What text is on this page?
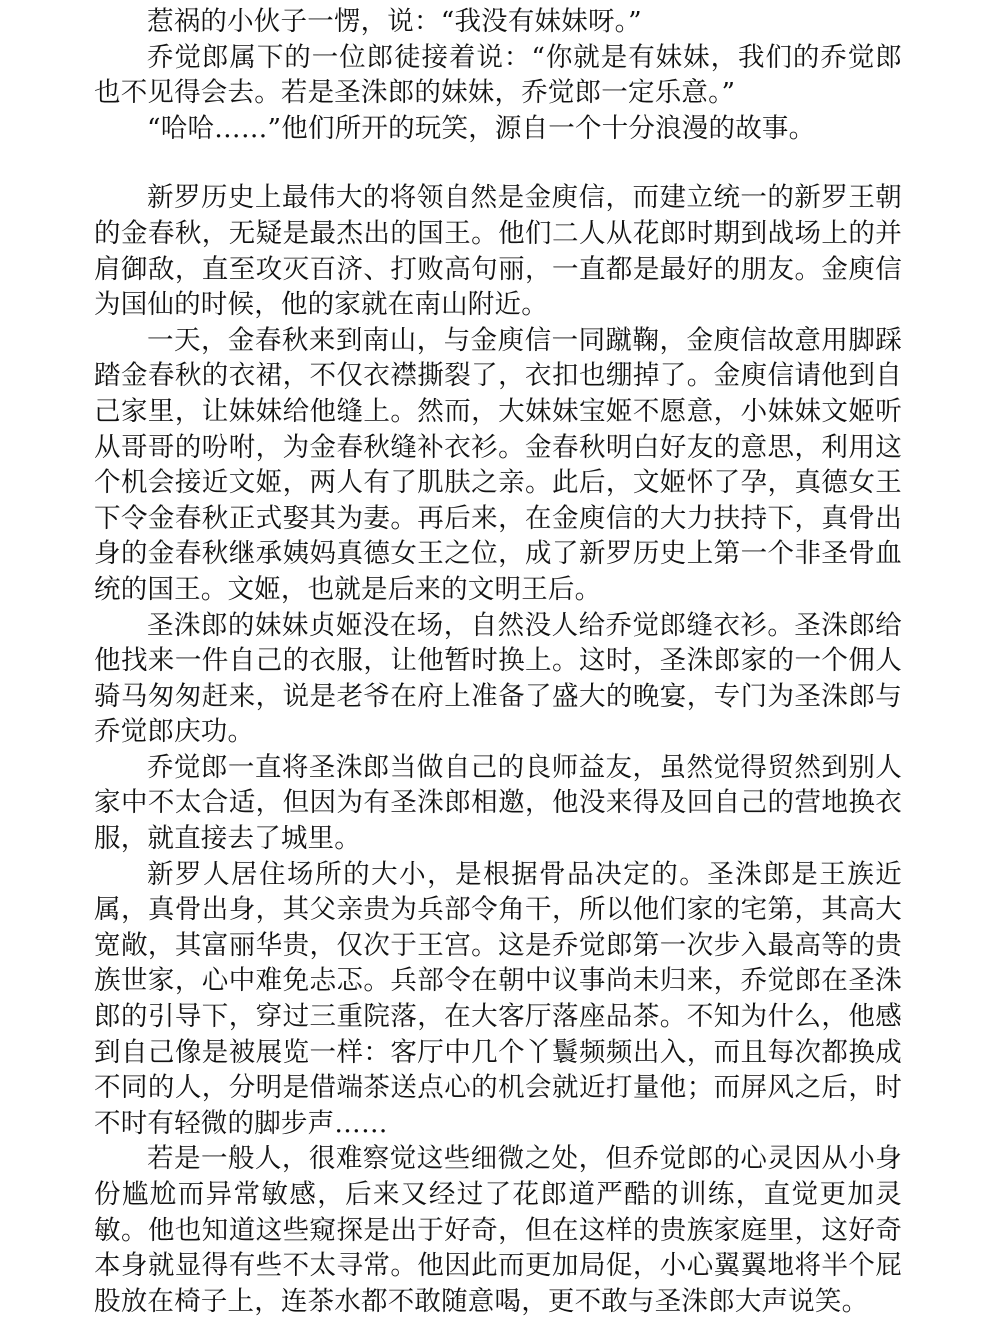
惹祸的小伙子一愣，说：“我没有妹妹呀。”

乔觉郎属下的一位郎徒接着说：“你就是有妹妹，我们的乔觉郎也不见得会去。若是圣洙郎的妹妹，乔觉郎一定乐意。”

“哈哈……”他们所开的玩笑，源自一个十分浪漫的故事。

新罗历史上最伟大的将领自然是金庾信，而建立统一的新罗王朝的金春秋，无疑是最杰出的国王。他们二人从花郎时期到战场上的并肩御敌，直至攻灭百济、打败高句丽，一直都是最好的朋友。金庾信为国仙的时候，他的家就在南山附近。

一天，金春秋来到南山，与金庾信一同蹴鞠，金庾信故意用脚踩踏金春秋的衣裙，不仅衣襟撕裂了，衣扣也绷掉了。金庾信请他到自己家里，让妹妹给他缝上。然而，大妹妹宝姬不愿意，小妹妹文姬听从哥哥的吩咐，为金春秋缝补衣衫。金春秋明白好友的意思，利用这个机会接近文姬，两人有了肌肤之亲。此后，文姬怀了孕，真德女王下令金春秋正式娶其为妻。再后来，在金庾信的大力扶持下，真骨出身的金春秋继承姨妈真德女王之位，成了新罗历史上第一个非圣骨血统的国王。文姬，也就是后来的文明王后。

圣洙郎的妹妹贞姬没在场，自然没人给乔觉郎缝衣衫。圣洙郎给他找来一件自己的衣服，让他暂时换上。这时，圣洙郎家的一个佣人骑马匆匆赶来，说是老爷在府上准备了盛大的晚宴，专门为圣洙郎与乔觉郎庆功。

乔觉郎一直将圣洙郎当做自己的良师益友，虽然觉得贸然到别人家中不太合适，但因为有圣洙郎相邀，他没来得及回自己的营地换衣服，就直接去了城里。

新罗人居住场所的大小，是根据骨品决定的。圣洙郎是王族近属，真骨出身，其父亲贵为兵部令角干，所以他们家的宅第，其高大宽敞，其富丽华贵，仅次于王宫。这是乔觉郎第一次步入最高等的贵族世家，心中难免忐忑。兵部令在朝中议事尚未归来，乔觉郎在圣洙郎的引导下，穿过三重院落，在大客厅落座品茶。不知为什么，他感到自己像是被展览一样：客厅中几个丫鬟频频出入，而且每次都换成不同的人，分明是借端茶送点心的机会就近打量他；而屏风之后，时不时有轻微的脚步声……

若是一般人，很难察觉这些细微之处，但乔觉郎的心灵因从小身份尴尬而异常敏感，后来又经过了花郎道严酷的训练，直觉更加灵敏。他也知道这些窥探是出于好奇，但在这样的贵族家庭里，这好奇本身就显得有些不太寻常。他因此而更加局促，小心翼翼地将半个屁股放在椅子上，连茶水都不敢随意喝，更不敢与圣洙郎大声说笑。
